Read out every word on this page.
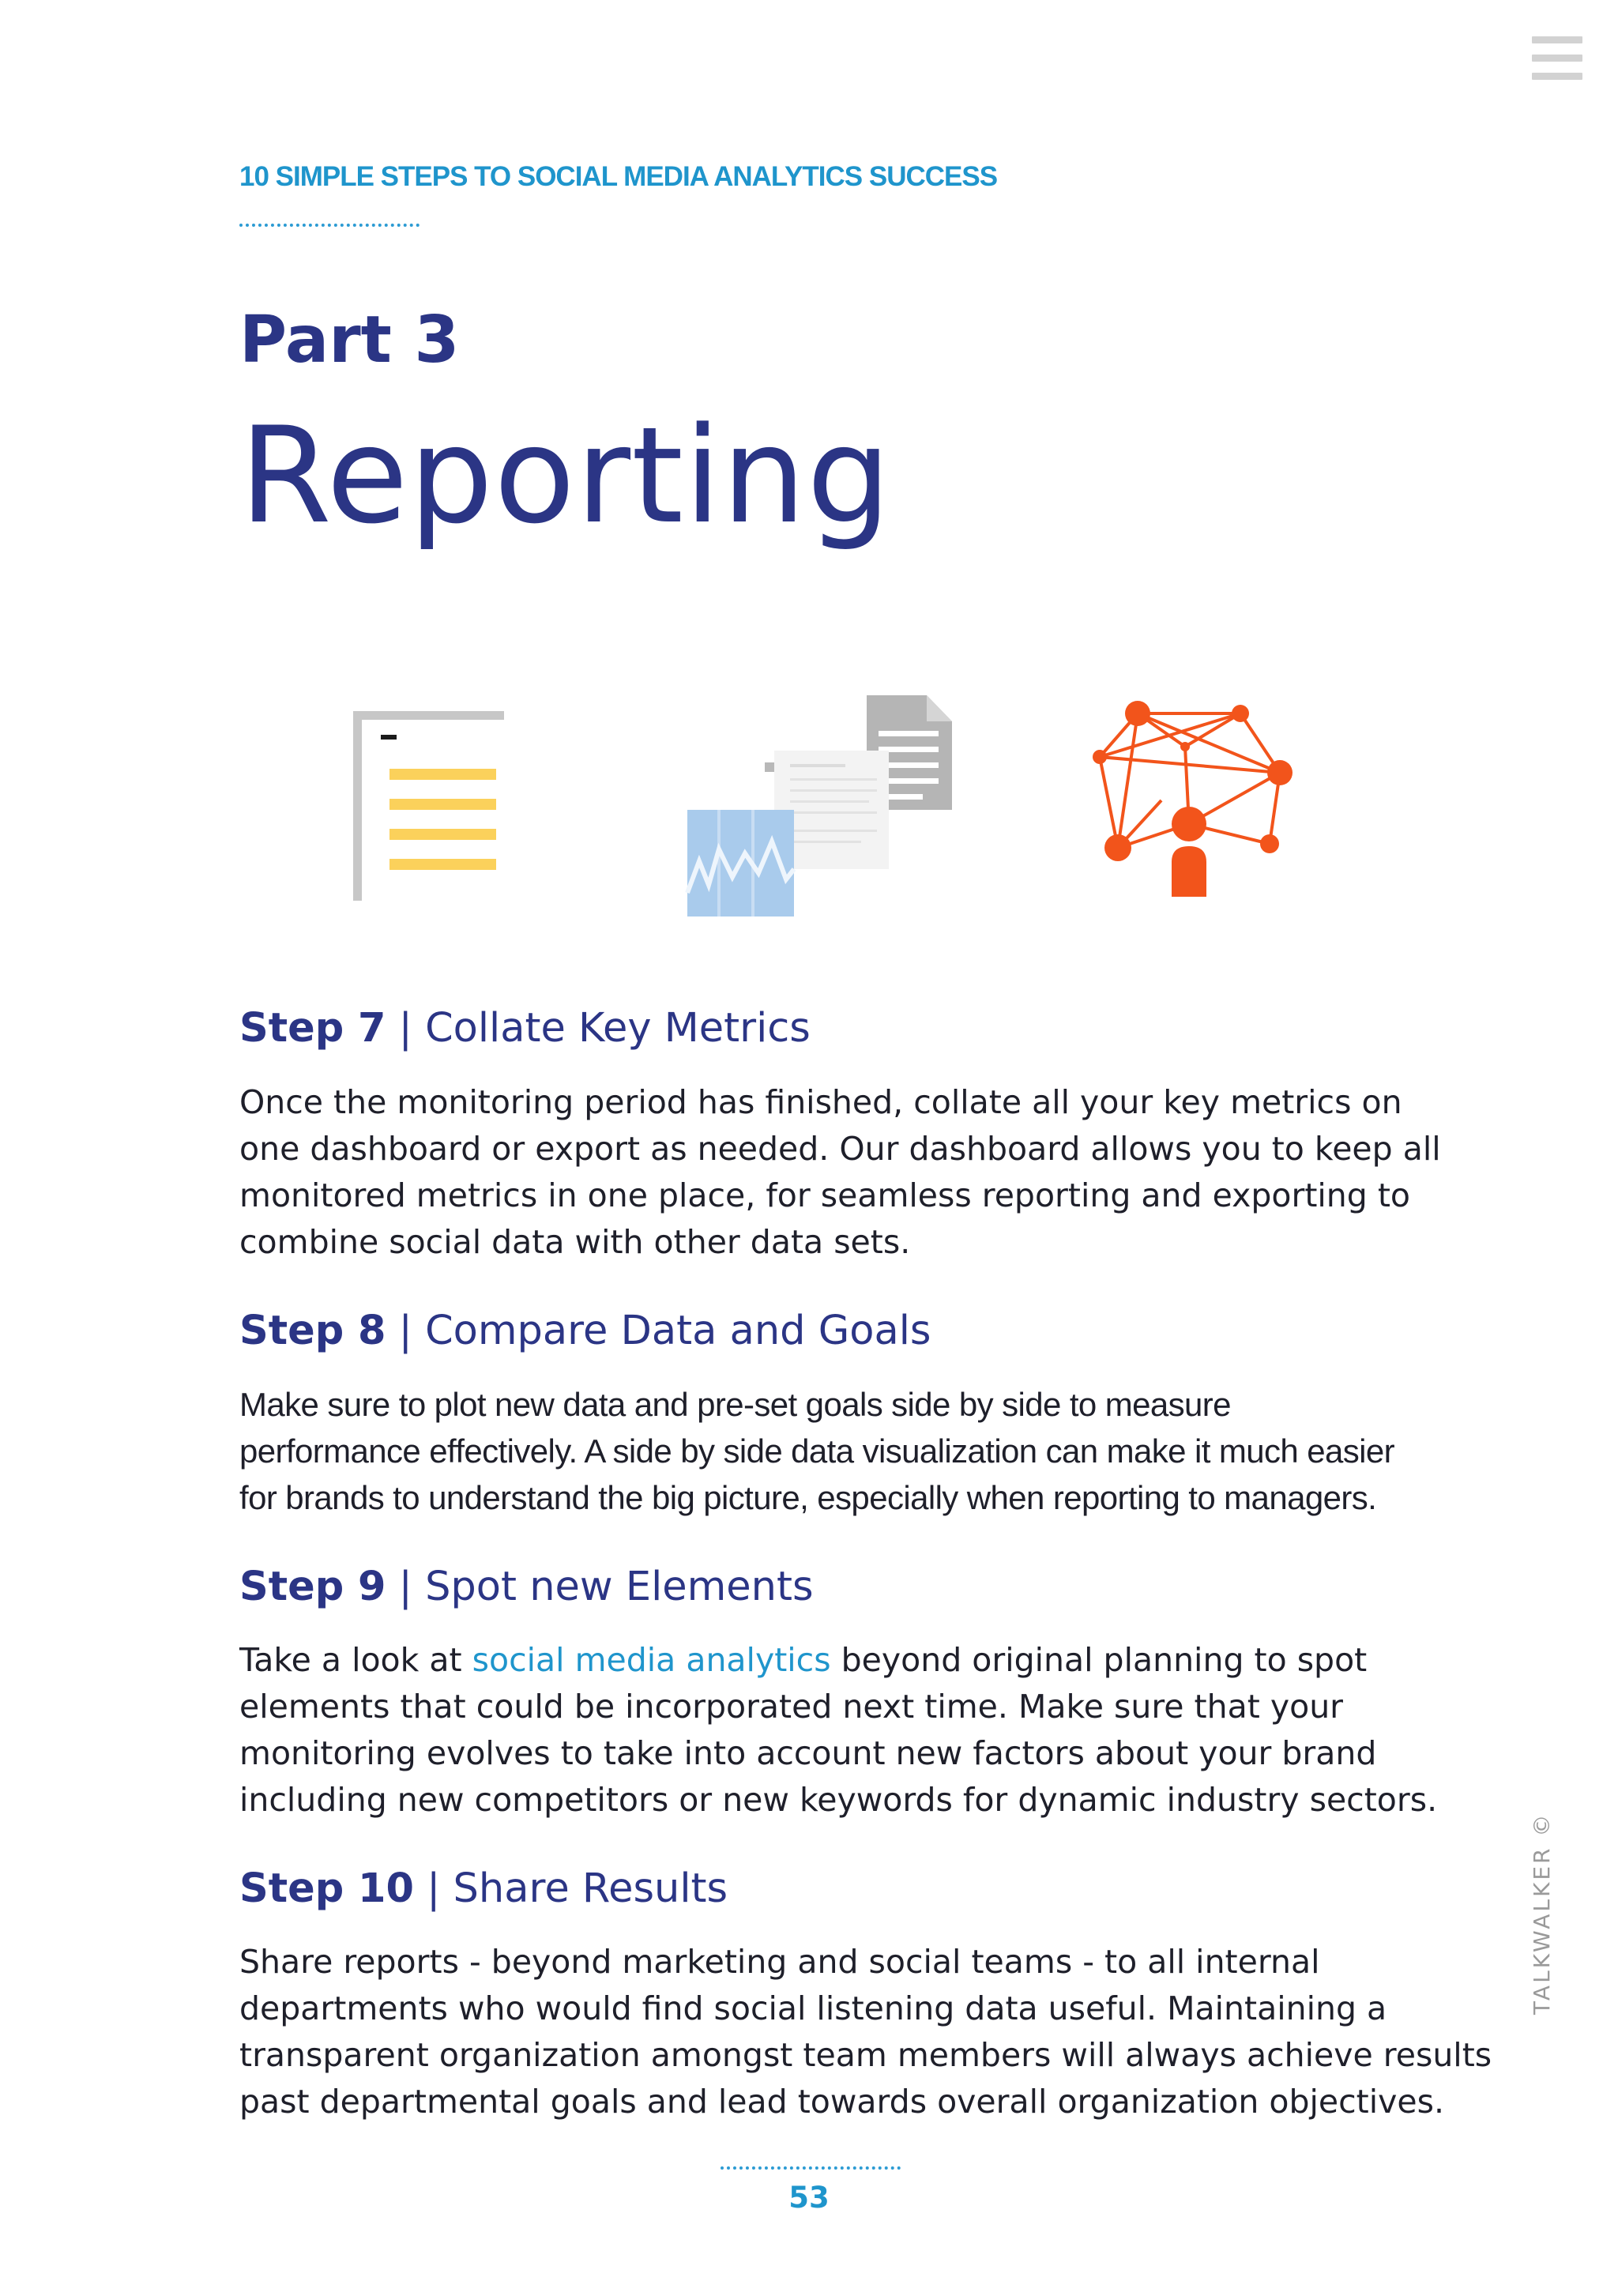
10 SIMPLE STEPS TO SOCIAL MEDIA ANALYTICS SUCCESS
Part 3
Reporting
Step 7 | Collate Key Metrics

Once the monitoring period has finished, collate all your key metrics on
one dashboard or export as needed. Our dashboard allows you to keep all
monitored metrics in one place, for seamless reporting and exporting to
combine social data with other data sets.

Step 8 | Compare Data and Goals

Make sure to plot new data and pre-set goals side by side to measure
performance effectively. A side by side data visualization can make it much easier
for brands to understand the big picture, especially when reporting to managers.

Step 9 | Spot new Elements

Take a look at social media analytics beyond original planning to spot
elements that could be incorporated next time. Make sure that your
monitoring evolves to take into account new factors about your brand
including new competitors or new keywords for dynamic industry sectors.

Step 10 | Share Results

Share reports - beyond marketing and social teams - to all internal
departments who would find social listening data useful. Maintaining a
transparent organization amongst team members will always achieve results
past departmental goals and lead towards overall organization objectives.

TALKWALKER ©
53
